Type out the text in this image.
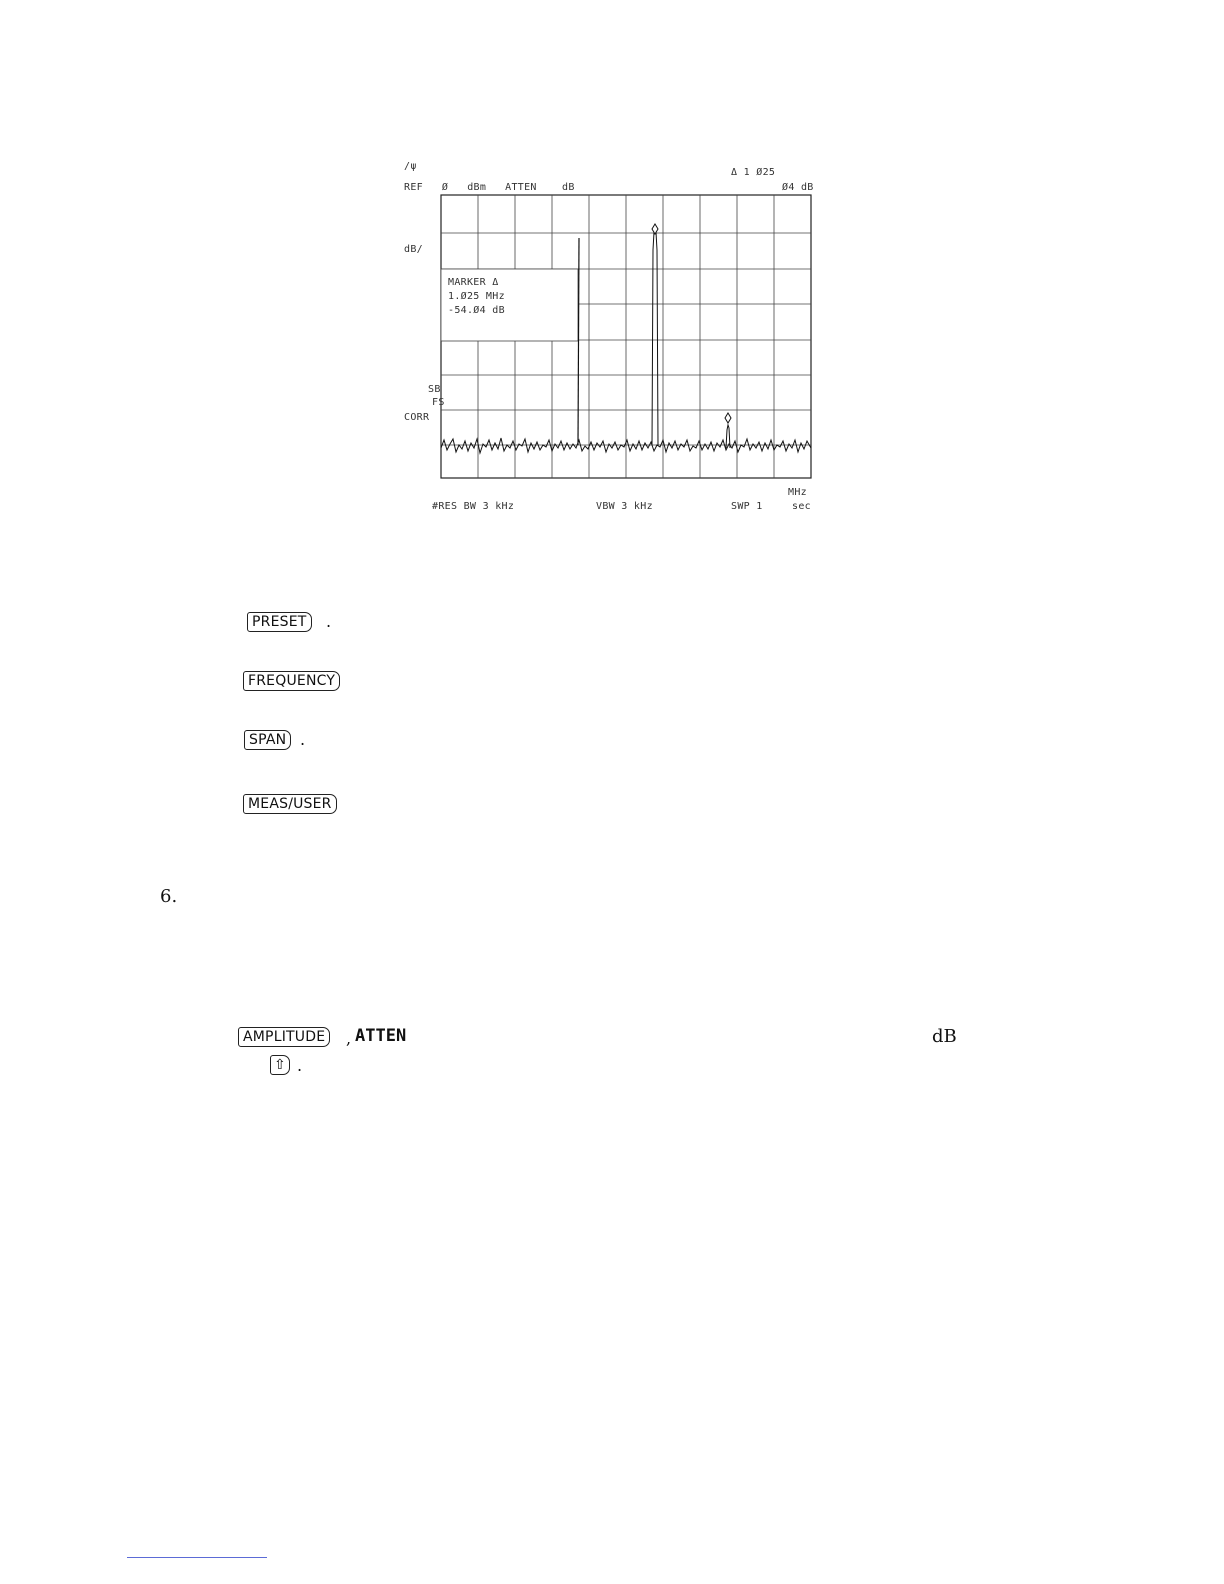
/ψ
REF   Ø   dBm   ATTEN    dB
Δ 1 Ø25
Ø4 dB
dB/
MARKER Δ
1.Ø25 MHz
-54.Ø4 dB
SB
FS
CORR
MHz
#RES BW 3 kHz	VBW 3 kHz	SWP 1	sec
PRESET	.
FREQUENCY
SPAN .
MEAS/USER
6.
AMPLITUDE	, ATTEN	dB
⇧ .
